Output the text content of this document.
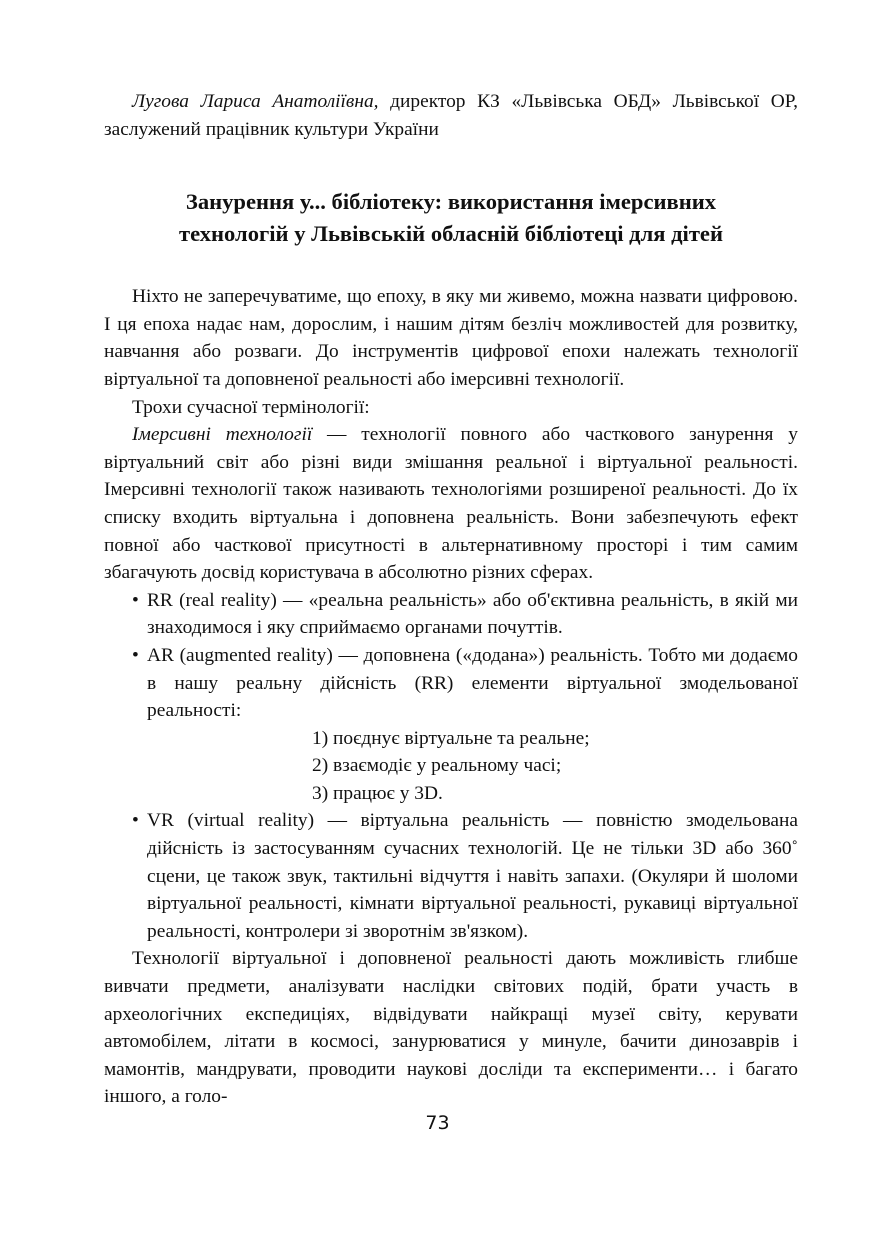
Лугова Лариса Анатоліївна, директор КЗ «Львівська ОБД» Львівської ОР, заслужений працівник культури України

Занурення у... бібліотеку: використання імерсивних
технологій у Львівській обласній бібліотеці для дітей

Ніхто не заперечуватиме, що епоху, в яку ми живемо, можна назвати цифровою. І ця епоха надає нам, дорослим, і нашим дітям безліч можливостей для розвитку, навчання або розваги. До інструментів цифрової епохи належать технології віртуальної та доповненої реальності або імерсивні технології.

Трохи сучасної термінології:

Імерсивні технології — технології повного або часткового занурення у віртуальний світ або різні види змішання реальної і віртуальної реальності. Імерсивні технології також називають технологіями розширеної реальності. До їх списку входить віртуальна і доповнена реальність. Вони забезпечують ефект повної або часткової присутності в альтернативному просторі і тим самим збагачують досвід користувача в абсолютно різних сферах.

• RR (real reality) — «реальна реальність» або об'єктивна реальність, в якій ми знаходимося і яку сприймаємо органами почуттів.
• AR (augmented reality) — доповнена («додана») реальність. Тобто ми додаємо в нашу реальну дійсність (RR) елементи віртуальної змодельованої реальності:
1) поєднує віртуальне та реальне;
2) взаємодіє у реальному часі;
3) працює у 3D.
• VR (virtual reality) — віртуальна реальність — повністю змодельована дійсність із застосуванням сучасних технологій. Це не тільки 3D або 360˚ сцени, це також звук, тактильні відчуття і навіть запахи. (Окуляри й шоломи віртуальної реальності, кімнати віртуальної реальності, рукавиці віртуальної реальності, контролери зі зворотнім зв'язком).

Технології віртуальної і доповненої реальності дають можливість глибше вивчати предмети, аналізувати наслідки світових подій, брати участь в археологічних експедиціях, відвідувати найкращі музеї світу, керувати автомобілем, літати в космосі, занурюватися у минуле, бачити динозаврів і мамонтів, мандрувати, проводити наукові досліди та експерименти… і багато іншого, а голо-

73
